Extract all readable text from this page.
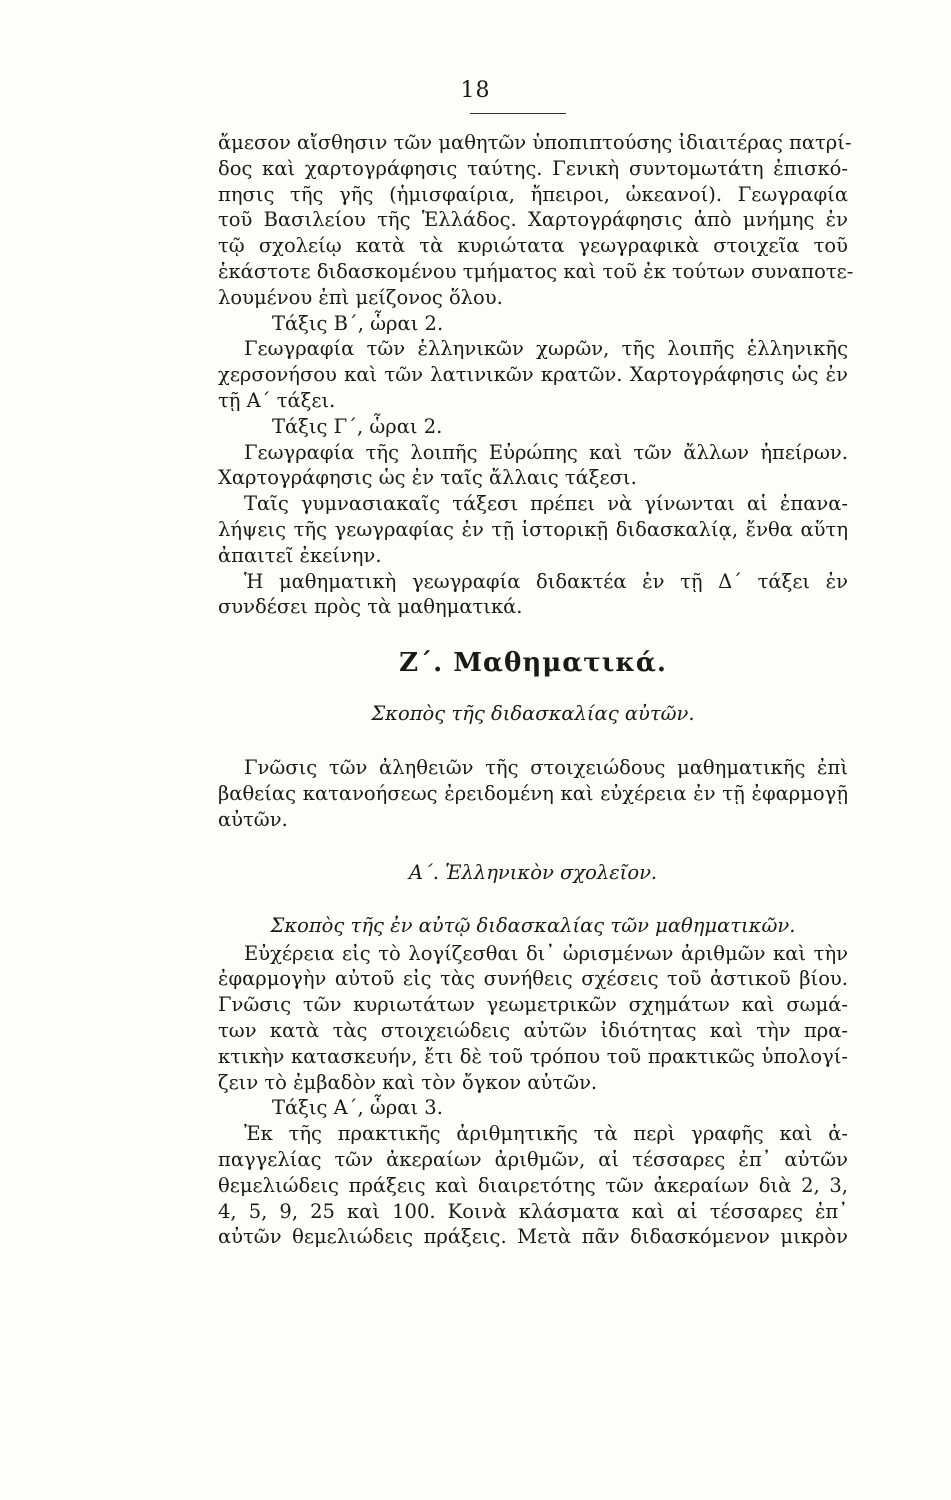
18
ἄμεσον αἴσθησιν τῶν μαθητῶν ὑποπιπτούσης ἰδιαιτέρας πατρί-
δος καὶ χαρτογράφησις ταύτης. Γενικὴ συντομωτάτη ἐπισκό-
πησις τῆς γῆς (ἡμισφαίρια, ἤπειροι, ὠκεανοί). Γεωγραφία
τοῦ Βασιλείου τῆς Ἑλλάδος. Χαρτογράφησις ἀπὸ μνήμης ἐν
τῷ σχολείῳ κατὰ τὰ κυριώτατα γεωγραφικὰ στοιχεῖα τοῦ
ἑκάστοτε διδασκομένου τμήματος καὶ τοῦ ἐκ τούτων συναποτε-
λουμένου ἐπὶ μείζονος ὅλου.
Τάξις Β΄, ὧραι 2.
Γεωγραφία τῶν ἑλληνικῶν χωρῶν, τῆς λοιπῆς ἑλληνικῆς
χερσονήσου καὶ τῶν λατινικῶν κρατῶν. Χαρτογράφησις ὡς ἐν
τῇ Α΄ τάξει.
Τάξις Γ΄, ὧραι 2.
Γεωγραφία τῆς λοιπῆς Εὐρώπης καὶ τῶν ἄλλων ἠπείρων.
Χαρτογράφησις ὡς ἐν ταῖς ἄλλαις τάξεσι.
Ταῖς γυμνασιακαῖς τάξεσι πρέπει νὰ γίνωνται αἱ ἐπανα-
λήψεις τῆς γεωγραφίας ἐν τῇ ἱστορικῇ διδασκαλίᾳ, ἔνθα αὕτη
ἀπαιτεῖ ἐκείνην.
Ἡ μαθηματικὴ γεωγραφία διδακτέα ἐν τῇ Δ΄ τάξει ἐν
συνδέσει πρὸς τὰ μαθηματικά.
Ζ΄. Μαθηματικά.
Σκοπὸς τῆς διδασκαλίας αὐτῶν.
Γνῶσις τῶν ἀληθειῶν τῆς στοιχειώδους μαθηματικῆς ἐπὶ
βαθείας κατανοήσεως ἐρειδομένη καὶ εὐχέρεια ἐν τῇ ἐφαρμογῇ
αὐτῶν.
Α΄. Ἑλληνικὸν σχολεῖον.
Σκοπὸς τῆς ἐν αὐτῷ διδασκαλίας τῶν μαθηματικῶν.
Εὐχέρεια εἰς τὸ λογίζεσθαι δι᾽ ὡρισμένων ἀριθμῶν καὶ τὴν
ἐφαρμογὴν αὐτοῦ εἰς τὰς συνήθεις σχέσεις τοῦ ἀστικοῦ βίου.
Γνῶσις τῶν κυριωτάτων γεωμετρικῶν σχημάτων καὶ σωμά-
των κατὰ τὰς στοιχειώδεις αὐτῶν ἰδιότητας καὶ τὴν πρα-
κτικὴν κατασκευήν, ἔτι δὲ τοῦ τρόπου τοῦ πρακτικῶς ὑπολογί-
ζειν τὸ ἐμβαδὸν καὶ τὸν ὄγκον αὐτῶν.
Τάξις Α΄, ὧραι 3.
Ἐκ τῆς πρακτικῆς ἀριθμητικῆς τὰ περὶ γραφῆς καὶ ἀ-
παγγελίας τῶν ἀκεραίων ἀριθμῶν, αἱ τέσσαρες ἐπ᾽ αὐτῶν
θεμελιώδεις πράξεις καὶ διαιρετότης τῶν ἀκεραίων διὰ 2, 3,
4, 5, 9, 25 καὶ 100. Κοινὰ κλάσματα καὶ αἱ τέσσαρες ἐπ᾽
αὐτῶν θεμελιώδεις πράξεις. Μετὰ πᾶν διδασκόμενον μικρὸν
